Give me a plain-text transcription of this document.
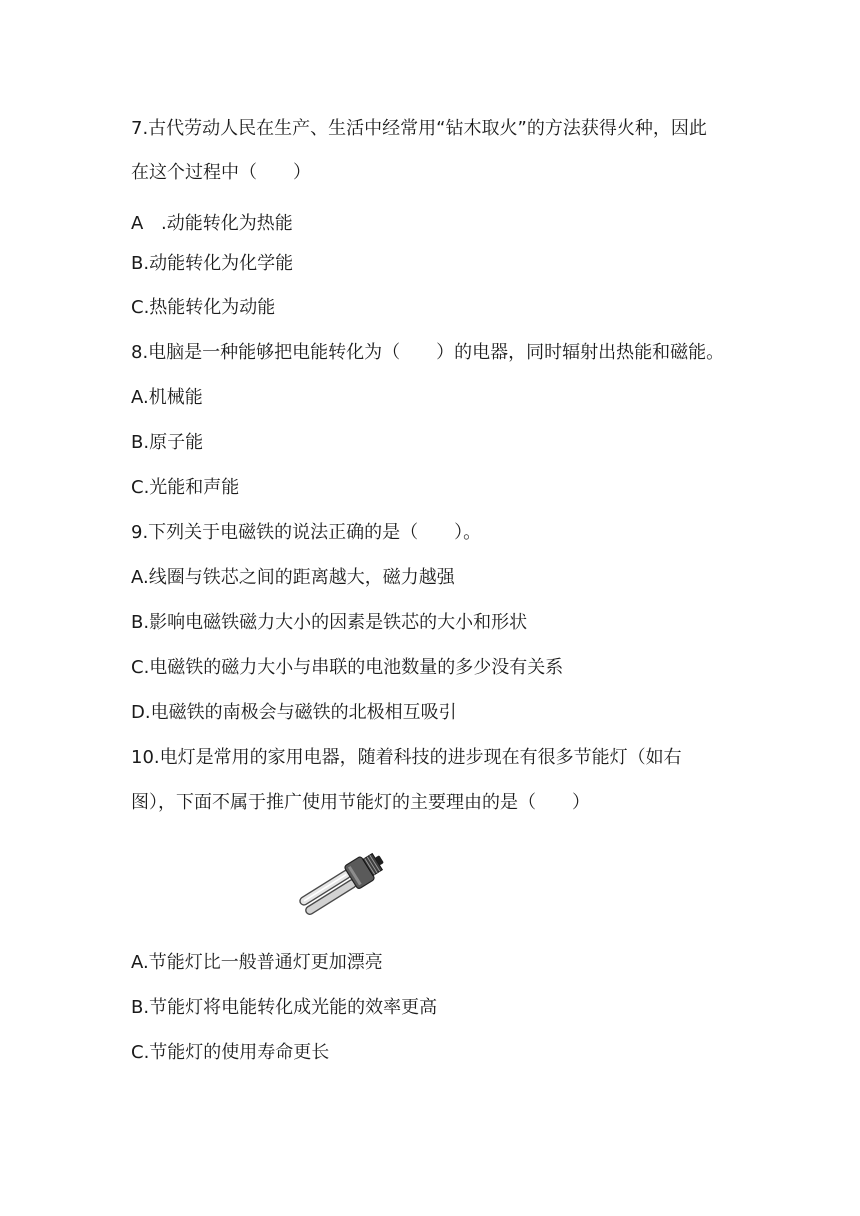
7.古代劳动人民在生产、生活中经常用“钻木取火”的方法获得火种，因此
在这个过程中（　　）
A .动能转化为热能
B.动能转化为化学能
C.热能转化为动能
8.电脑是一种能够把电能转化为（　　）的电器，同时辐射出热能和磁能。
A.机械能
B.原子能
C.光能和声能
9.下列关于电磁铁的说法正确的是（　　）。
A.线圈与铁芯之间的距离越大，磁力越强
B.影响电磁铁磁力大小的因素是铁芯的大小和形状
C.电磁铁的磁力大小与串联的电池数量的多少没有关系
D.电磁铁的南极会与磁铁的北极相互吸引
10.电灯是常用的家用电器，随着科技的进步现在有很多节能灯（如右
图），下面不属于推广使用节能灯的主要理由的是（　　）
A.节能灯比一般普通灯更加漂亮
B.节能灯将电能转化成光能的效率更高
C.节能灯的使用寿命更长
